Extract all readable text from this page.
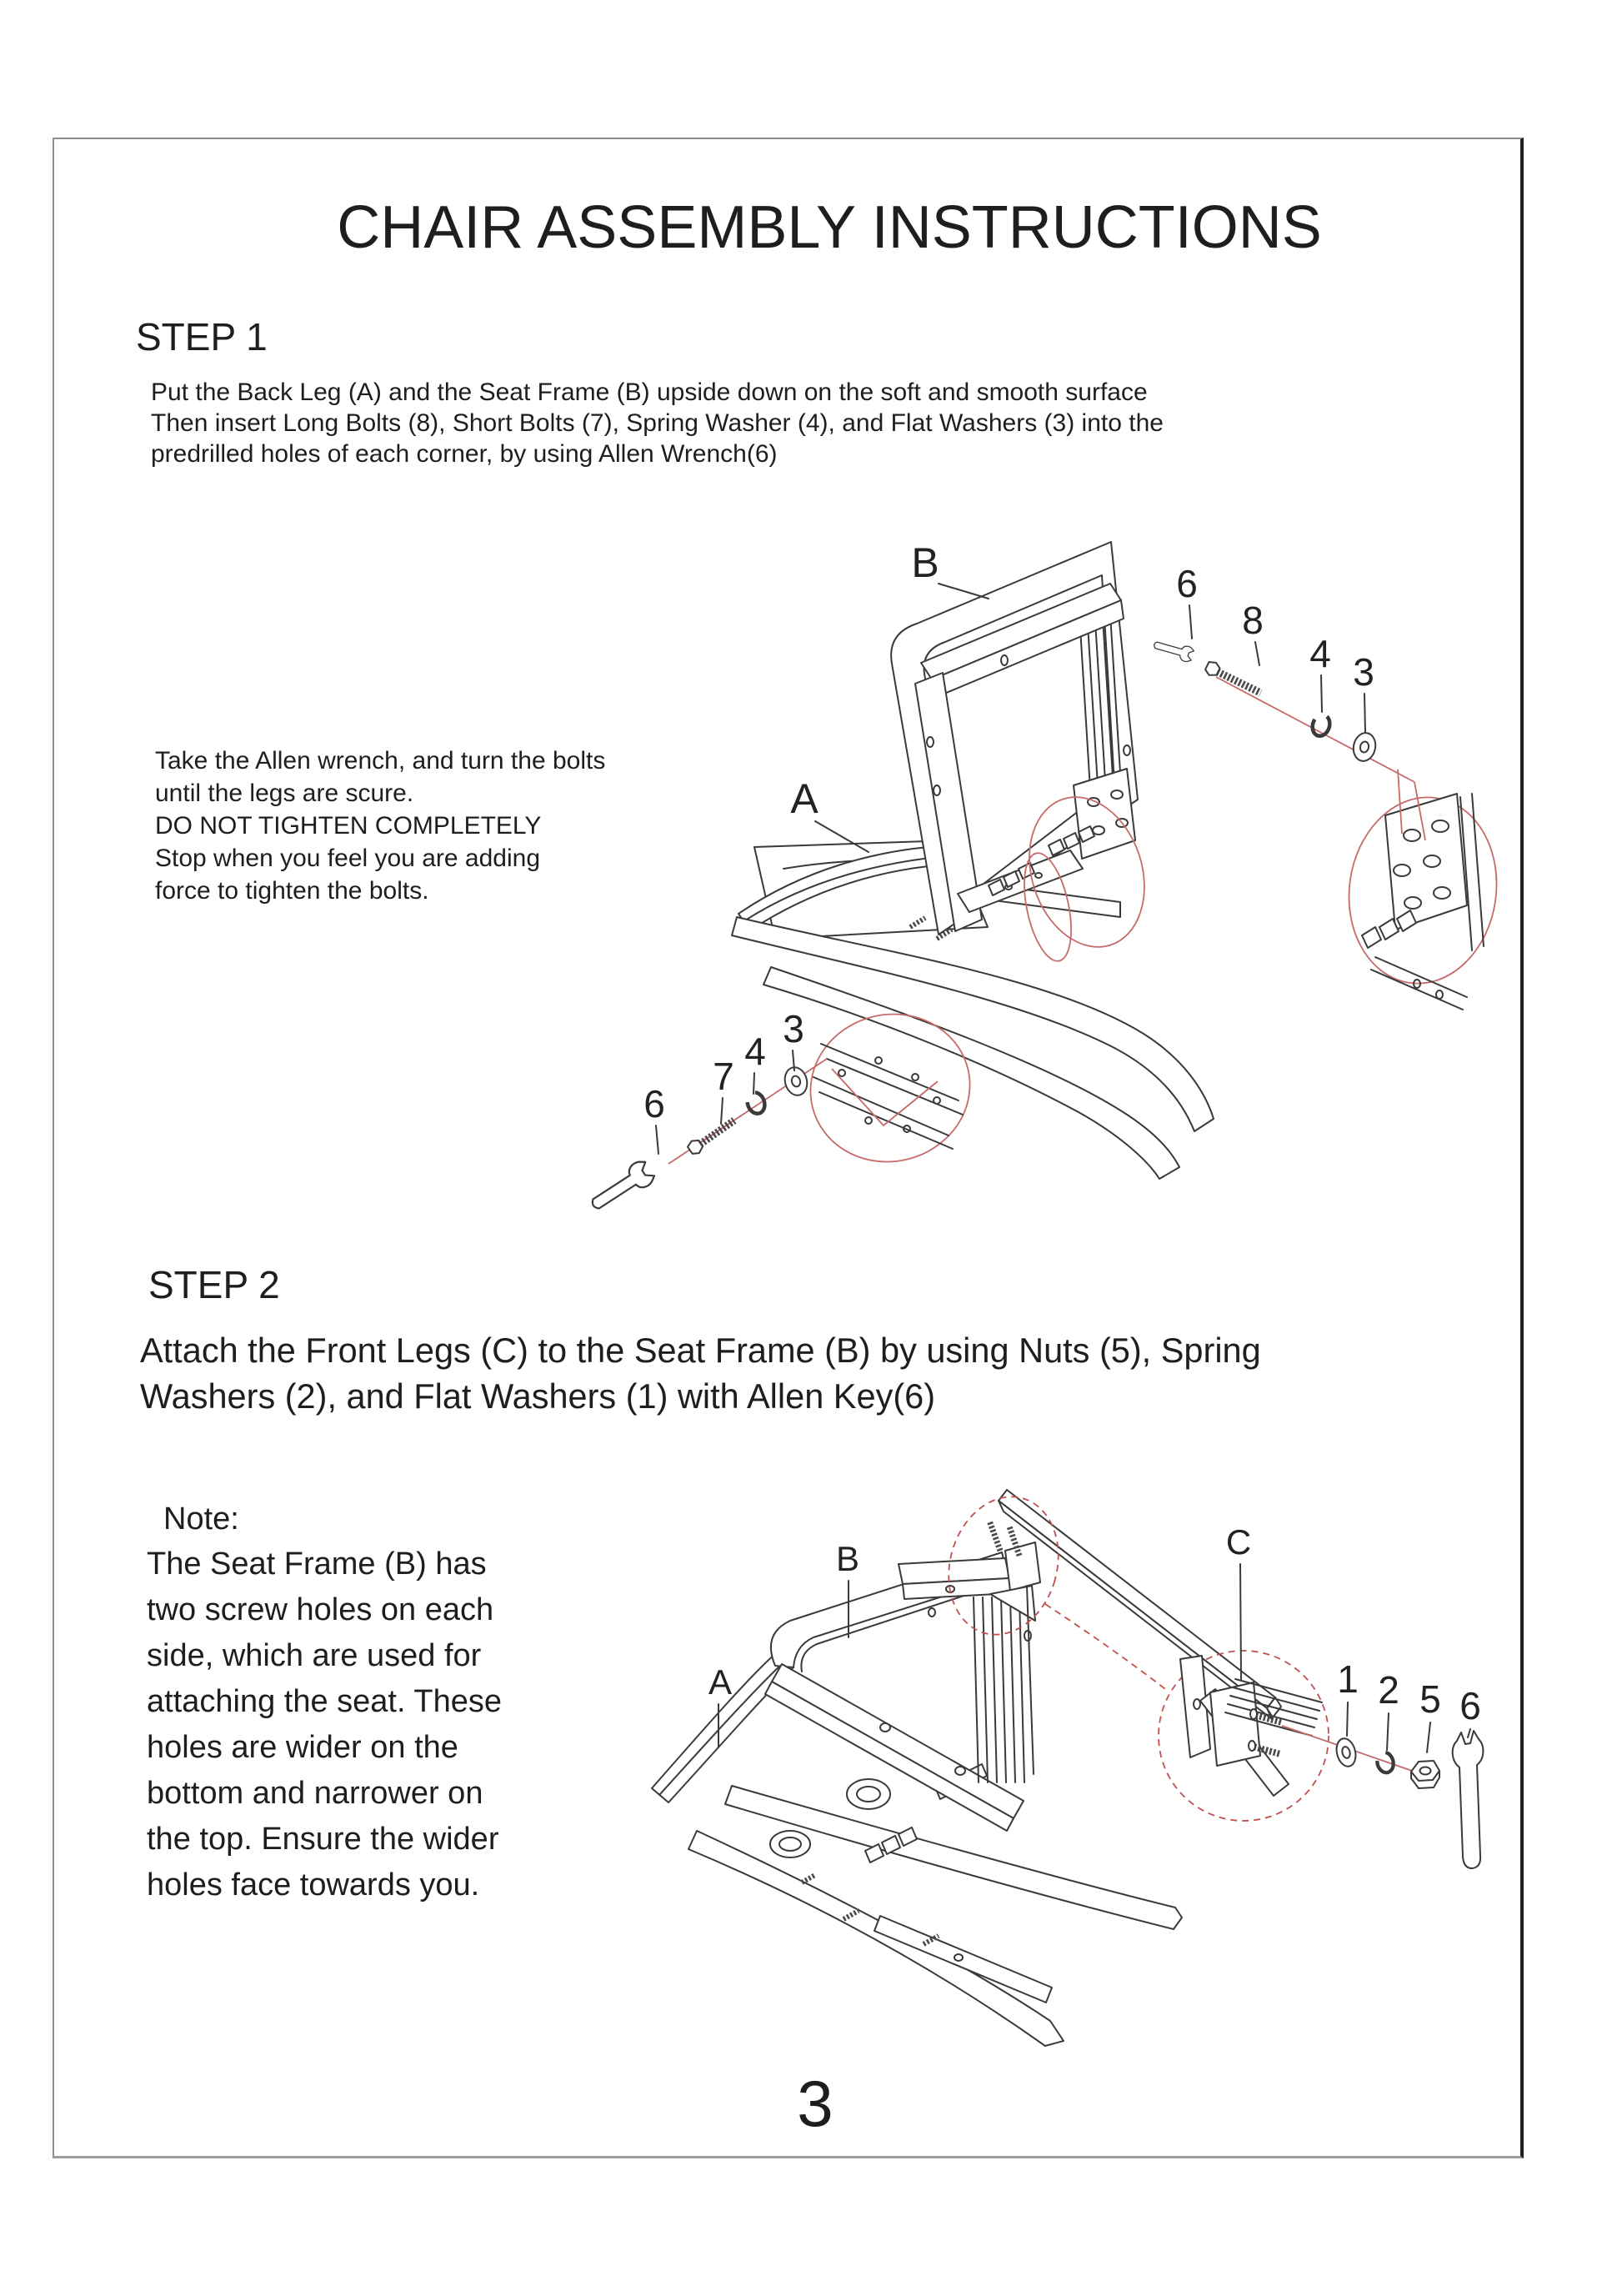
CHAIR ASSEMBLY INSTRUCTIONS
STEP 1
Put the Back Leg (A) and the Seat Frame (B) upside down on the soft and smooth surface
Then insert Long Bolts (8), Short Bolts (7), Spring Washer (4), and Flat Washers (3) into the
predrilled holes of each corner, by using Allen Wrench(6)
Take the Allen wrench, and turn the bolts
until the legs are scure.
DO NOT TIGHTEN COMPLETELY
Stop when you feel you are adding
force to tighten the bolts.
B
A
6
8
4 3
3
4
7
6
STEP 2
Attach the Front Legs (C) to the Seat Frame (B) by using Nuts (5), Spring
Washers (2), and Flat Washers (1) with Allen Key(6)
Note:
The Seat Frame (B) has
two screw holes on each
side, which are used for
attaching the seat. These
holes are wider on the
bottom and narrower on
the top. Ensure the wider
holes face towards you.
C
B
A	1 2 5 6
3
